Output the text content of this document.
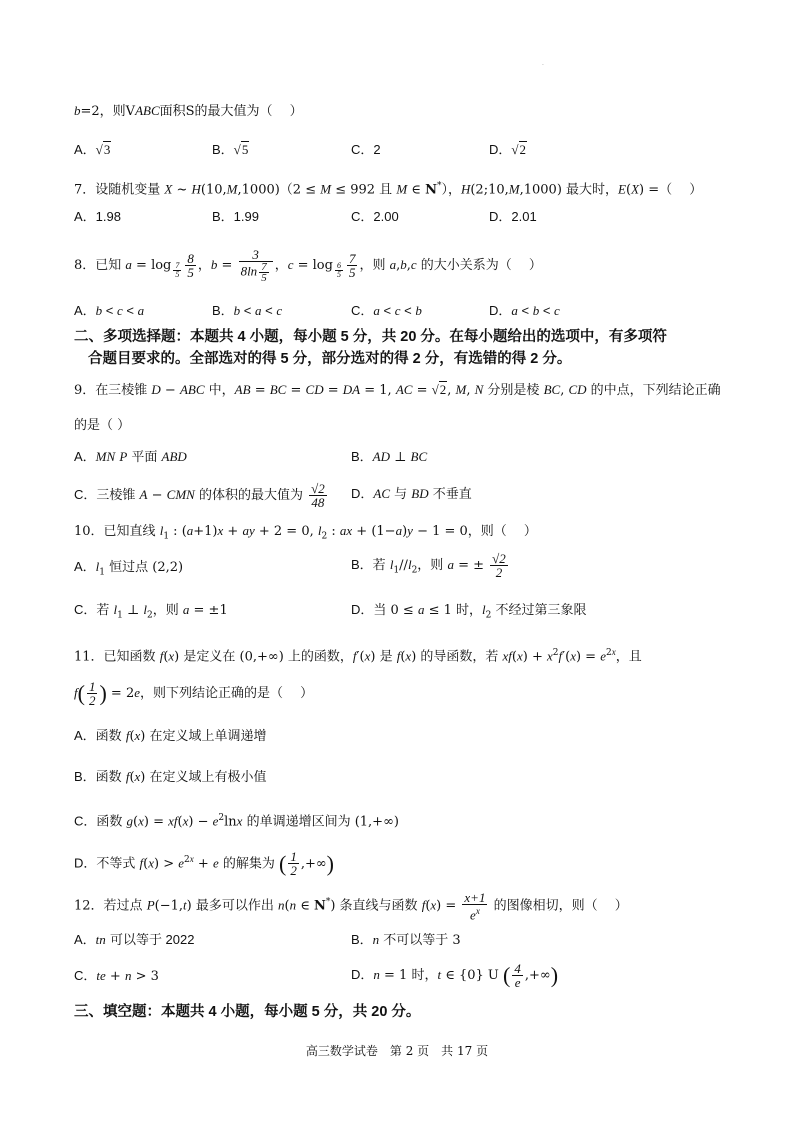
·
b=2，则VABC面积S的最大值为（　 ）
A．√3	B．√5	C．2	D．√2
7．设随机变量 X ~ H(10,M,1000)（2 ≤ M ≤ 992 且 M ∈ N*），H(2;10,M,1000) 最大时，E(X) =（　 ）
A．1.98	B．1.99	C．2.00	D．2.01
8．已知 $a = \log _{\frac{7}{5}} \frac{8}{5}$ ，$b = \frac{3}{8\ln \frac{7}{5}}$ ，$c = \log _{\frac{6}{5}} \frac{7}{5}$ ，则 a,b,c 的大小关系为（　 ）
A．b < c < a	B．b < a < c	C．a < c < b	D．a < b < c
二、多项选择题：本题共 4 小题，每小题 5 分，共 20 分。在每小题给出的选项中，有多项符
合题目要求的。全部选对的得 5 分，部分选对的得 2 分，有选错的得 2 分。
9．在三棱锥 D − ABC 中，AB = BC = CD = DA = 1, AC = √2, M, N 分别是棱 BC, CD 的中点，下列结论正确
的是（ ）
A．MN P 平面 ABD	B．AD ⊥ BC
C．三棱锥 A − CMN 的体积的最大值为 $\frac{√2}{48}$ D．AC 与 BD 不垂直
10．已知直线 $l_1$ : (a+1)x + ay + 2 = 0, $l_2$ : ax + (1−a)y − 1 = 0，则（　 ）
A．$l_1$ 恒过点 (2,2)	B．若 $l_1//l_2$，则 a = ± $\frac{√2}{2}$
C．若 $l_1$ ⊥ $l_2$，则 a = ±1	D．当 0 ≤ a ≤ 1 时，$l_2$ 不经过第三象限
11．已知函数 f(x) 是定义在 (0,+∞) 上的函数，f′(x) 是 f(x) 的导函数，若 $xf(x) + x^2f'(x) = e^{2x}$，且
$f( \frac{1}{2}$ ) = 2e，则下列结论正确的是（　 ）
A．函数 f(x) 在定义域上单调递增
B．函数 f(x) 在定义域上有极小值
C．函数 $g(x) = xf(x) - e^2\ln x$ 的单调递增区间为 (1,+∞)
D．不等式 $f(x) > e^{2x} + e$ 的解集为 ( $\frac{1}{2}$ ,+∞)
12．若过点 P(−1,t) 最多可以作出 n(n ∈ N*) 条直线与函数 $f(x) = \frac{x+1}{e^x}$ 的图像相切，则（　 ）
A．tn 可以等于 2022	B．n 不可以等于 3
C．te + n > 3	D．n = 1 时，t ∈ {0} U ( $\frac{4}{e}$ ,+∞)
三、填空题：本题共 4 小题，每小题 5 分，共 20 分。
高三数学试卷　第 2 页　共 17 页
